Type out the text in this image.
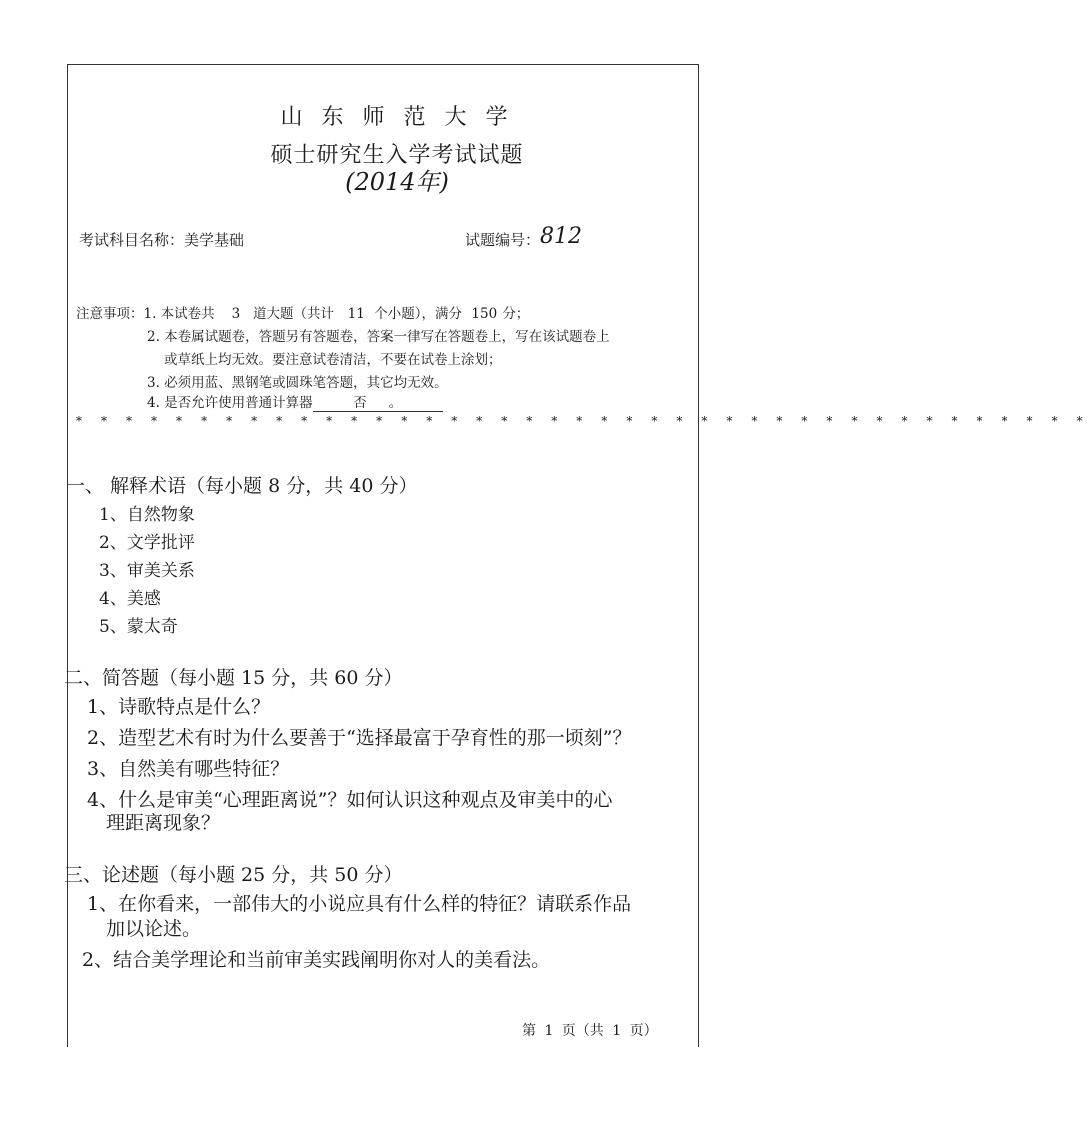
山 东 师 范 大 学
硕士研究生入学考试试题
(2014年)
考试科目名称：美学基础	试题编号： 812
注意事项：1. 本试卷共 3 道大题（共计 11 个小题），满分 150 分；
2. 本卷属试题卷，答题另有答题卷，答案一律写在答题卷上，写在该试题卷上
或草纸上均无效。要注意试卷清洁，不要在试卷上涂划；
3. 必须用蓝、黑钢笔或圆珠笔答题，其它均无效。
4. 是否允许使用普通计算器	否 。
* * * * * * * * * * * * * * * * * * * * * * * * * * * * * * * * * * * * * * * * *
一、 解释术语（每小题 8 分，共 40 分）
1、自然物象
2、文学批评
3、审美关系
4、美感
5、蒙太奇
二、简答题（每小题 15 分，共 60 分）
1、诗歌特点是什么？
2、造型艺术有时为什么要善于“选择最富于孕育性的那一顷刻”？
3、自然美有哪些特征？
4、什么是审美“心理距离说”？如何认识这种观点及审美中的心
理距离现象？
三、论述题（每小题 25 分，共 50 分）
1、在你看来，一部伟大的小说应具有什么样的特征？请联系作品
加以论述。
2、结合美学理论和当前审美实践阐明你对人的美看法。
第 1 页（共 1 页）
